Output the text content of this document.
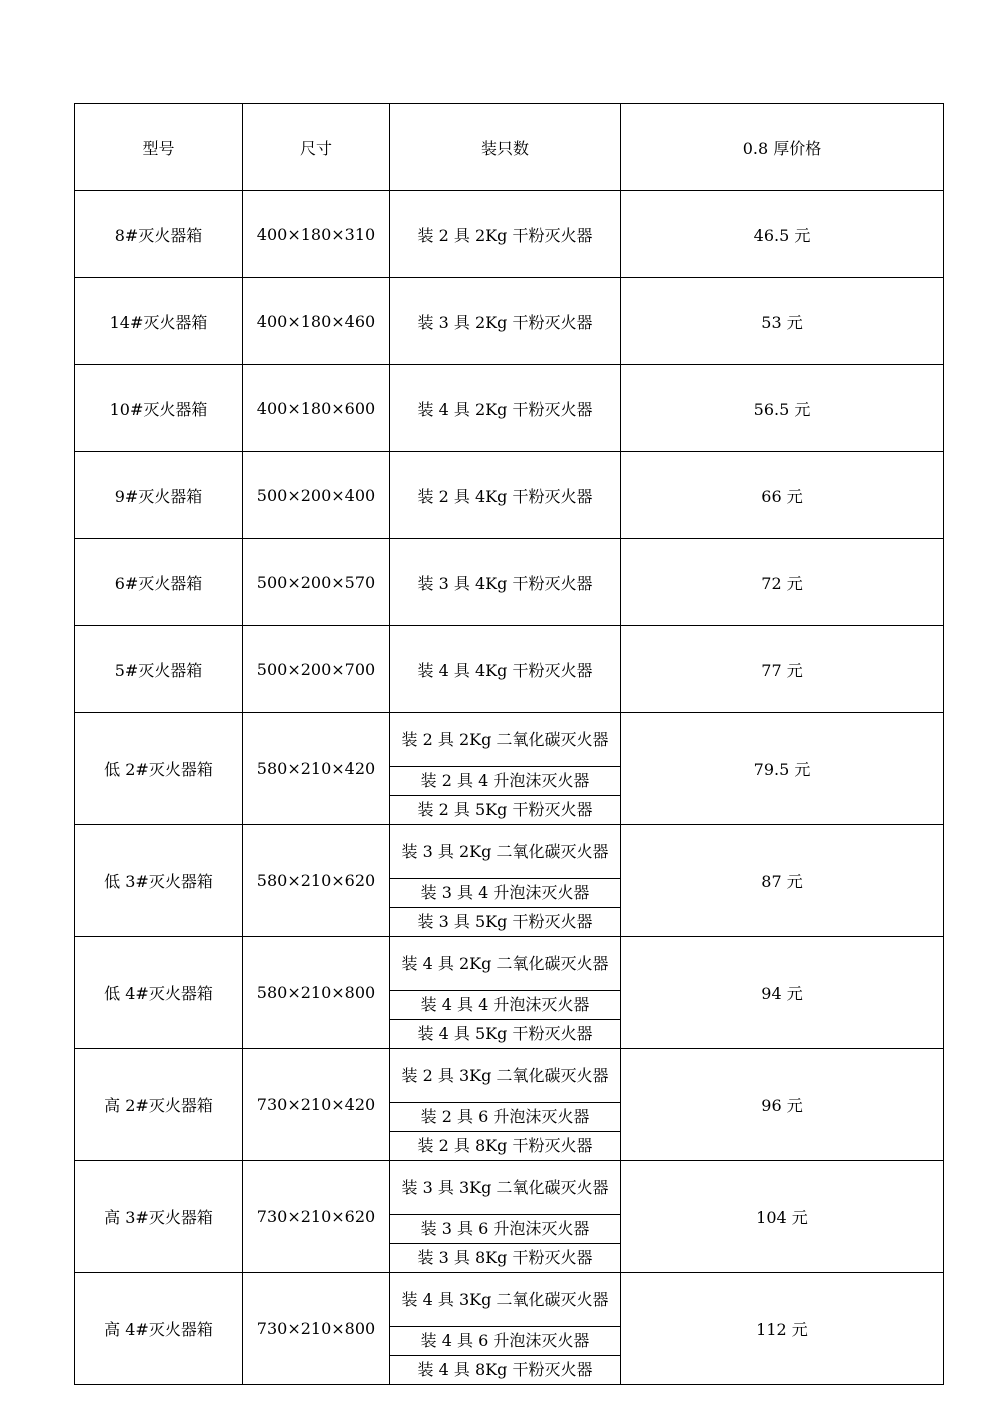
型号	尺寸	装只数	0.8 厚价格
8#灭火器箱	400×180×310	装 2 具 2Kg 干粉灭火器	46.5 元
14#灭火器箱	400×180×460	装 3 具 2Kg 干粉灭火器	53 元
10#灭火器箱	400×180×600	装 4 具 2Kg 干粉灭火器	56.5 元
9#灭火器箱	500×200×400	装 2 具 4Kg 干粉灭火器	66 元
6#灭火器箱	500×200×570	装 3 具 4Kg 干粉灭火器	72 元
5#灭火器箱	500×200×700	装 4 具 4Kg 干粉灭火器	77 元
低 2#灭火器箱	580×210×420	装 2 具 2Kg 二氧化碳灭火器	79.5 元
		装 2 具 4 升泡沫灭火器	
		装 2 具 5Kg 干粉灭火器	
低 3#灭火器箱	580×210×620	装 3 具 2Kg 二氧化碳灭火器	87 元
		装 3 具 4 升泡沫灭火器	
		装 3 具 5Kg 干粉灭火器	
低 4#灭火器箱	580×210×800	装 4 具 2Kg 二氧化碳灭火器	94 元
		装 4 具 4 升泡沫灭火器	
		装 4 具 5Kg 干粉灭火器	
高 2#灭火器箱	730×210×420	装 2 具 3Kg 二氧化碳灭火器	96 元
		装 2 具 6 升泡沫灭火器	
		装 2 具 8Kg 干粉灭火器	
高 3#灭火器箱	730×210×620	装 3 具 3Kg 二氧化碳灭火器	104 元
		装 3 具 6 升泡沫灭火器	
		装 3 具 8Kg 干粉灭火器	
高 4#灭火器箱	730×210×800	装 4 具 3Kg 二氧化碳灭火器	112 元
		装 4 具 6 升泡沫灭火器	
		装 4 具 8Kg 干粉灭火器	
